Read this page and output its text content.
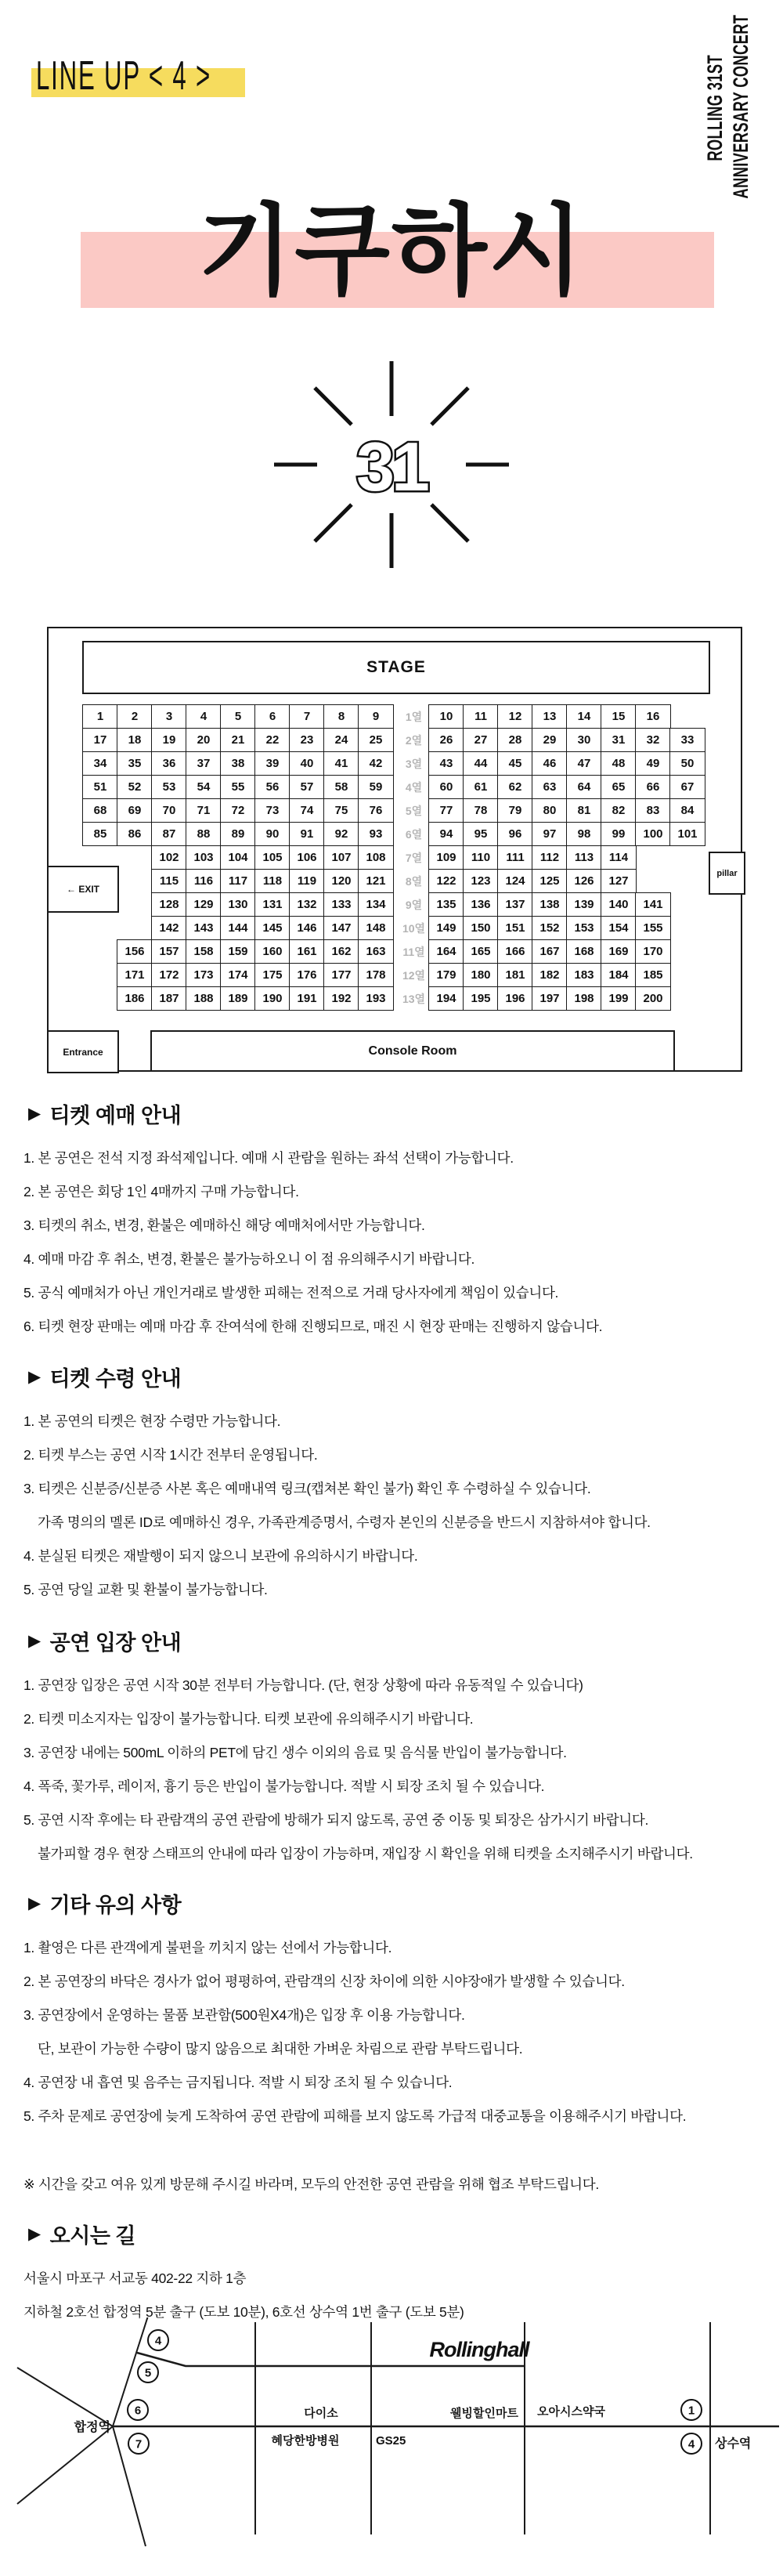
LINE UP < 4 >	ROLLING 31ST ANNIVERSARY CONCERT
기쿠하시
31
STAGE
← EXIT
pillar
Entrance	Console Room
1	2	3	4	5	6	7	8	9	1열	10	11	12	13	14	15	16
17	18	19	20	21	22	23	24	25	2열	26	27	28	29	30	31	32	33
34	35	36	37	38	39	40	41	42	3열	43	44	45	46	47	48	49	50
51	52	53	54	55	56	57	58	59	4열	60	61	62	63	64	65	66	67
68	69	70	71	72	73	74	75	76	5열	77	78	79	80	81	82	83	84
85	86	87	88	89	90	91	92	93	6열	94	95	96	97	98	99	100	101
102	103	104	105	106	107	108	7열	109	110	111	112	113	114
115	116	117	118	119	120	121	8열	122	123	124	125	126	127
128	129	130	131	132	133	134	9열	135	136	137	138	139	140	141
142	143	144	145	146	147	148	10열 149	150	151	152	153	154	155
156	157	158	159	160	161	162	163	11열 164	165	166	167	168	169	170
171	172	173	174	175	176	177	178	12열 179	180	181	182	183	184	185
186	187	188	189	190	191	192	193	13열 194	195	196	197	198	199	200
▶ 티켓 예매 안내
1. 본 공연은 전석 지정 좌석제입니다. 예매 시 관람을 원하는 좌석 선택이 가능합니다.
2. 본 공연은 회당 1인 4매까지 구매 가능합니다.
3. 티켓의 취소, 변경, 환불은 예매하신 해당 예매처에서만 가능합니다.
4. 예매 마감 후 취소, 변경, 환불은 불가능하오니 이 점 유의해주시기 바랍니다.
5. 공식 예매처가 아닌 개인거래로 발생한 피해는 전적으로 거래 당사자에게 책임이 있습니다.
6. 티켓 현장 판매는 예매 마감 후 잔여석에 한해 진행되므로, 매진 시 현장 판매는 진행하지 않습니다.
▶ 티켓 수령 안내
1. 본 공연의 티켓은 현장 수령만 가능합니다.
2. 티켓 부스는 공연 시작 1시간 전부터 운영됩니다.
3. 티켓은 신분증/신분증 사본 혹은 예매내역 링크(캡쳐본 확인 불가) 확인 후 수령하실 수 있습니다.
가족 명의의 멜론 ID로 예매하신 경우, 가족관계증명서, 수령자 본인의 신분증을 반드시 지참하셔야 합니다.
4. 분실된 티켓은 재발행이 되지 않으니 보관에 유의하시기 바랍니다.
5. 공연 당일 교환 및 환불이 불가능합니다.
▶ 공연 입장 안내
1. 공연장 입장은 공연 시작 30분 전부터 가능합니다. (단, 현장 상황에 따라 유동적일 수 있습니다)
2. 티켓 미소지자는 입장이 불가능합니다. 티켓 보관에 유의해주시기 바랍니다.
3. 공연장 내에는 500mL 이하의 PET에 담긴 생수 이외의 음료 및 음식물 반입이 불가능합니다.
4. 폭죽, 꽃가루, 레이저, 흉기 등은 반입이 불가능합니다. 적발 시 퇴장 조치 될 수 있습니다.
5. 공연 시작 후에는 타 관람객의 공연 관람에 방해가 되지 않도록, 공연 중 이동 및 퇴장은 삼가시기 바랍니다.
불가피할 경우 현장 스태프의 안내에 따라 입장이 가능하며, 재입장 시 확인을 위해 티켓을 소지해주시기 바랍니다.
▶ 기타 유의 사항
1. 촬영은 다른 관객에게 불편을 끼치지 않는 선에서 가능합니다.
2. 본 공연장의 바닥은 경사가 없어 평평하여, 관람객의 신장 차이에 의한 시야장애가 발생할 수 있습니다.
3. 공연장에서 운영하는 물품 보관함(500원X4개)은 입장 후 이용 가능합니다.
단, 보관이 가능한 수량이 많지 않음으로 최대한 가벼운 차림으로 관람 부탁드립니다.
4. 공연장 내 흡연 및 음주는 금지됩니다. 적발 시 퇴장 조치 될 수 있습니다.
5. 주차 문제로 공연장에 늦게 도착하여 공연 관람에 피해를 보지 않도록 가급적 대중교통을 이용해주시기 바랍니다.
※ 시간을 갖고 여유 있게 방문해 주시길 바라며, 모두의 안전한 공연 관람을 위해 협조 부탁드립니다.
▶ 오시는 길
서울시 마포구 서교동 402-22 지하 1층
지하철 2호선 합정역 5분 출구 (도보 10분), 6호선 상수역 1번 출구 (도보 5분)
Rollinghall
합정역
상수역
4
5
6
7
1
4
다이소	웰빙할인마트 오아시스약국
혜당한방병원	GS25
